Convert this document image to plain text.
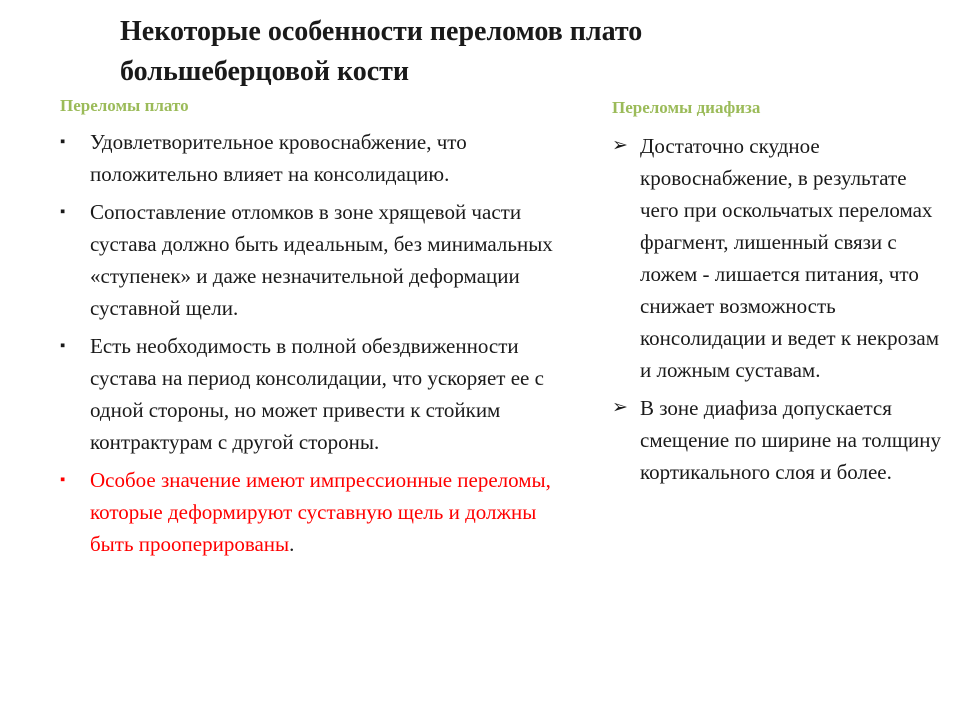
Некоторые особенности переломов плато большеберцовой кости
Переломы плато
▪ Удовлетворительное кровоснабжение, что положительно влияет на консолидацию.
▪ Сопоставление отломков в зоне хрящевой части сустава должно быть идеальным, без минимальных «ступенек» и даже незначительной деформации суставной щели.
▪ Есть необходимость в полной обездвиженности сустава на период консолидации, что ускоряет ее с одной стороны, но может привести к стойким контрактурам с другой стороны.
▪ Особое значение имеют импрессионные переломы, которые деформируют суставную щель и должны быть прооперированы.
Переломы диафиза
➢ Достаточно скудное кровоснабжение, в результате чего при оскольчатых переломах фрагмент, лишенный связи с ложем - лишается питания, что снижает возможность консолидации и ведет к некрозам и ложным суставам.
➢ В зоне диафиза допускается смещение по ширине на толщину кортикального слоя и более.
